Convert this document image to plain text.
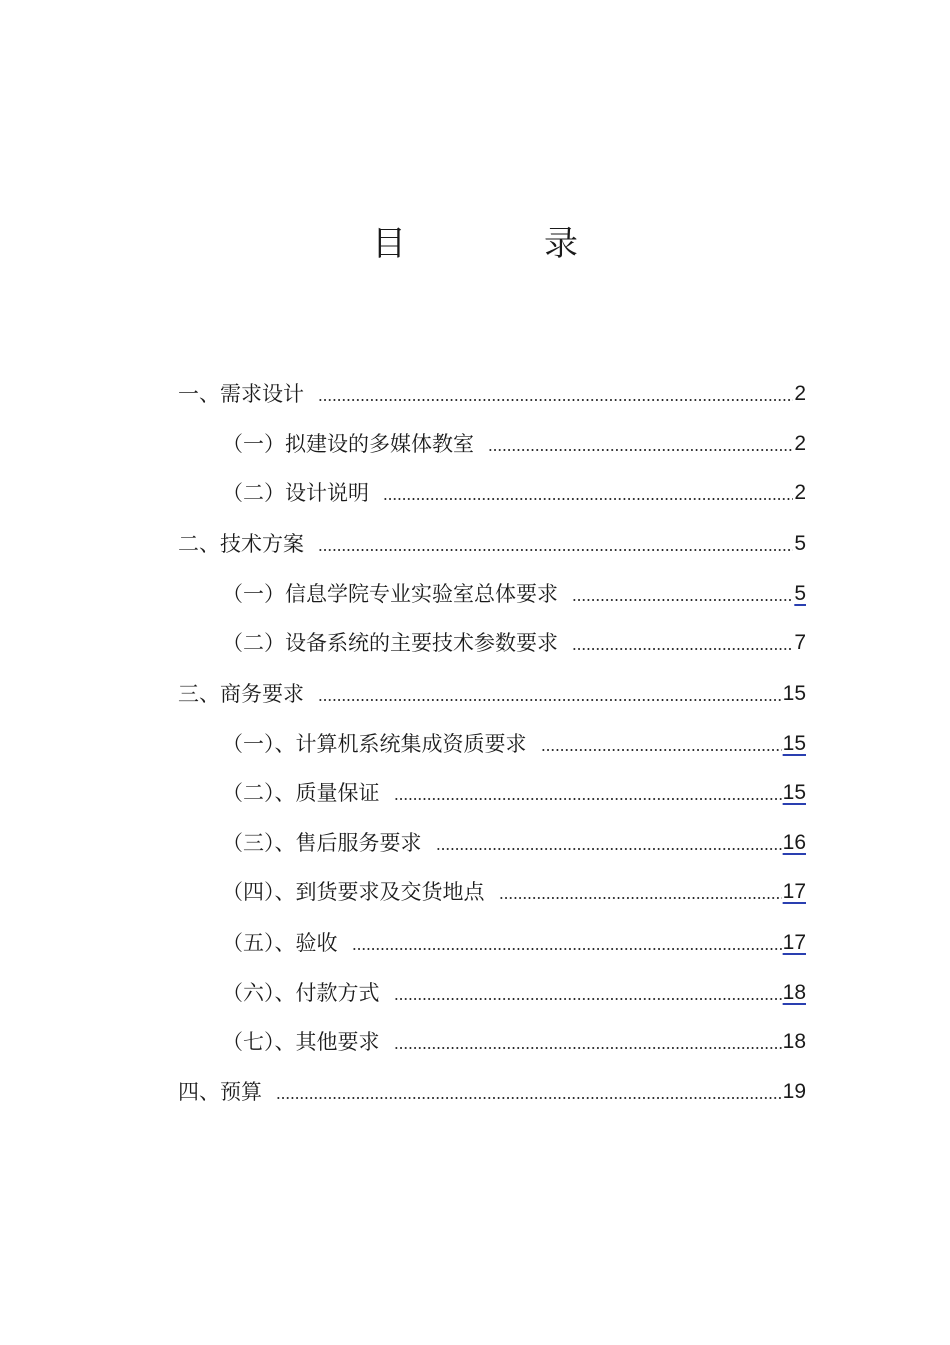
目　录
一、需求设计	2
（一）拟建设的多媒体教室	2
（二）设计说明	2
二、技术方案	5
（一）信息学院专业实验室总体要求	5
（二）设备系统的主要技术参数要求	7
三、商务要求	15
（一）、计算机系统集成资质要求	15
（二）、质量保证	15
（三）、售后服务要求	16
（四）、到货要求及交货地点	17
（五）、验收	17
（六）、付款方式	18
（七）、其他要求	18
四、预算	19
